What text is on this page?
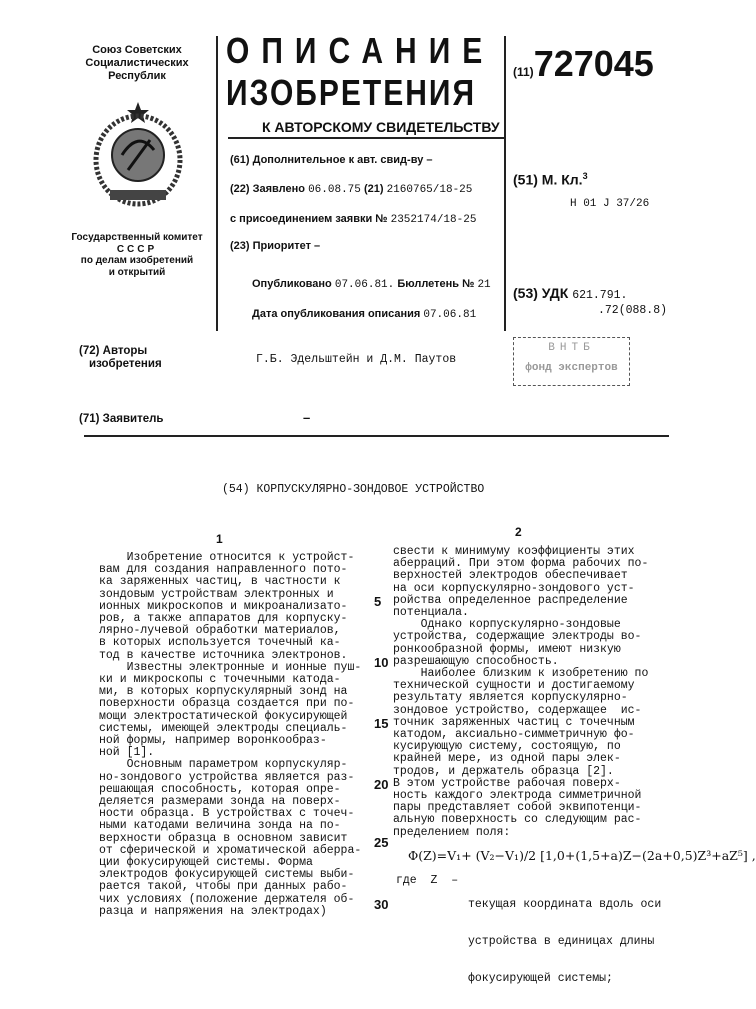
Союз Советских
Социалистических
Республик
Государственный комитет
СССР
по делам изобретений
и открытий
ОПИСАНИЕ
ИЗОБРЕТЕНИЯ
К АВТОРСКОМУ СВИДЕТЕЛЬСТВУ
(11)727045
(61) Дополнительное к авт. свид-ву –
(22) Заявлено 06.08.75 (21) 2160765/18-25
с присоединением заявки № 2352174/18-25
(23) Приоритет –
Опубликовано 07.06.81. Бюллетень № 21
Дата опубликования описания 07.06.81
(51) М. Кл.3
H 01 J 37/26
(53) УДК 621.791.
.72(088.8)
(72) Авторы
изобретения	Г.Б. Эдельштейн и Д.М. Паутов
ВНТБ
фонд экспертов
(71) Заявитель	–
(54) КОРПУСКУЛЯРНО-ЗОНДОВОЕ УСТРОЙСТВО
1	2
Изобретение относится к устройст-
вам для создания направленного пото-
ка заряженных частиц, в частности к
зондовым устройствам электронных и
ионных микроскопов и микроанализато-
ров, а также аппаратов для корпуску-
лярно-лучевой обработки материалов,
в которых используется точечный ка-
тод в качестве источника электронов.
Известны электронные и ионные пуш-
ки и микроскопы с точечными катода-
ми, в которых корпускулярный зонд на
поверхности образца создается при по-
мощи электростатической фокусирующей
системы, имеющей электроды специаль-
ной формы, например воронкообраз-
ной [1].
Основным параметром корпускуляр-
но-зондового устройства является раз-
решающая способность, которая опре-
деляется размерами зонда на поверх-
ности образца. В устройствах с точеч-
ными катодами величина зонда на по-
верхности образца в основном зависит
от сферической и хроматической аберра-
ции фокусирующей системы. Форма
электродов фокусирующей системы выби-
рается такой, чтобы при данных рабо-
чих условиях (положение держателя об-
разца и напряжения на электродах)
свести к минимуму коэффициенты этих
аберраций. При этом форма рабочих по-
верхностей электродов обеспечивает
на оси корпускулярно-зондового уст-
ройства определенное распределение
потенциала.
Однако корпускулярно-зондовые
устройства, содержащие электроды во-
ронкообразной формы, имеют низкую
разрешающую способность.
Наиболее близким к изобретению по
технической сущности и достигаемому
результату является корпускулярно-
зондовое устройство, содержащее  ис-
точник заряженных частиц с точечным
катодом, аксиально-симметричную фо-
кусирующую систему, состоящую, по
крайней мере, из одной пары элек-
тродов, и держатель образца [2].
В этом устройстве рабочая поверх-
ность каждого электрода симметричной
пары представляет собой эквипотенци-
альную поверхность со следующим рас-
пределением поля:
Φ(Z)=V₁+ (V₂−V₁)/2 [1,0+(1,5+a)Z−(2a+0,5)Z³+aZ⁵] ,
где  Z  –

текущая координата вдоль оси

устройства в единицах длины

фокусирующей системы;

5
10
15
20
25
30
